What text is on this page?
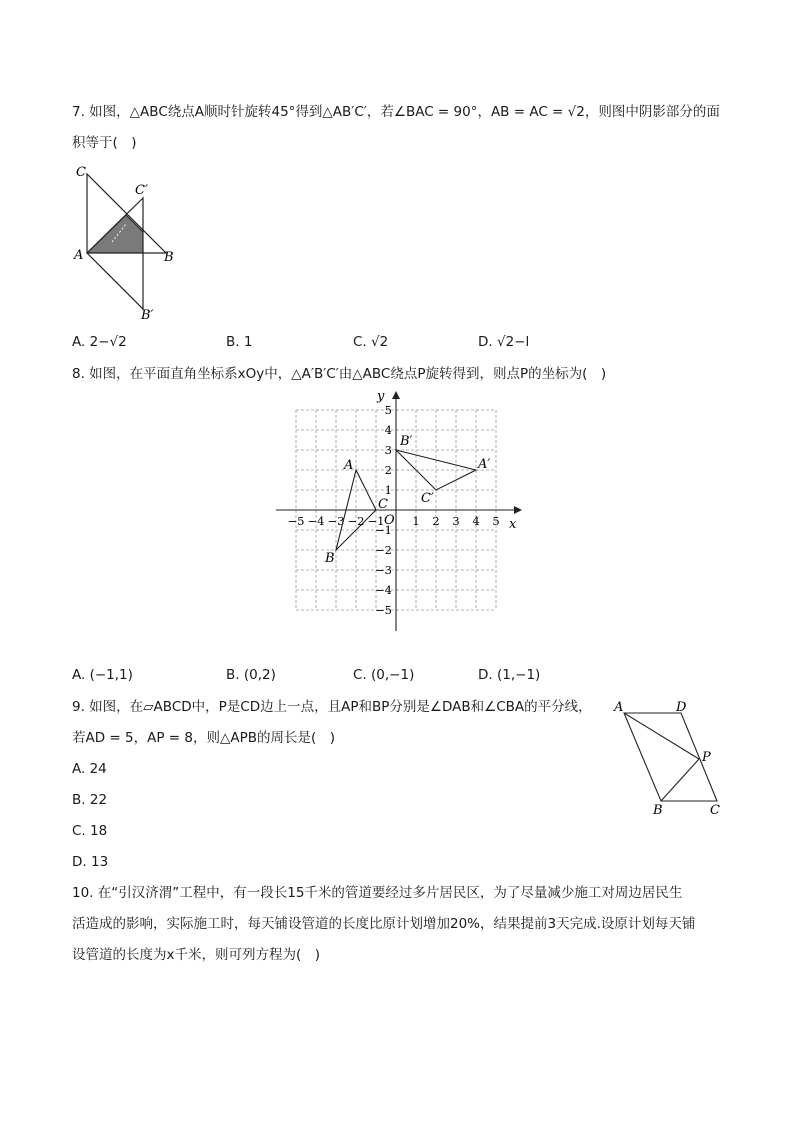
7. 如图，△ABC绕点A顺时针旋转45°得到△AB′C′，若∠BAC = 90°，AB = AC = √2，则图中阴影部分的面
积等于(　)
C
C′
A	B
B′
A. 2−√2	B. 1	C. √2	D. √2−l
8. 如图，在平面直角坐标系xOy中，△A′B′C′由△ABC绕点P旋转得到，则点P的坐标为(　)
x
y
O
−5 −4 −3 −2 −1 1 2 3 4 5
5
4
3
2
1
−1
−2
−3
−4
−5
A
B
C
A′
B′
C′
A. (−1,1)	B. (0,2)	C. (0,−1)	D. (1,−1)
9. 如图，在▱ABCD中，P是CD边上一点，且AP和BP分别是∠DAB和∠CBA的平分线，
若AD = 5，AP = 8，则△APB的周长是(　)
A	D
P
B	C
A. 24
B. 22
C. 18
D. 13
10. 在“引汉济渭”工程中，有一段长15千米的管道要经过多片居民区，为了尽量减少施工对周边居民生
活造成的影响，实际施工时，每天铺设管道的长度比原计划增加20%，结果提前3天完成.设原计划每天铺
设管道的长度为x千米，则可列方程为(　)
